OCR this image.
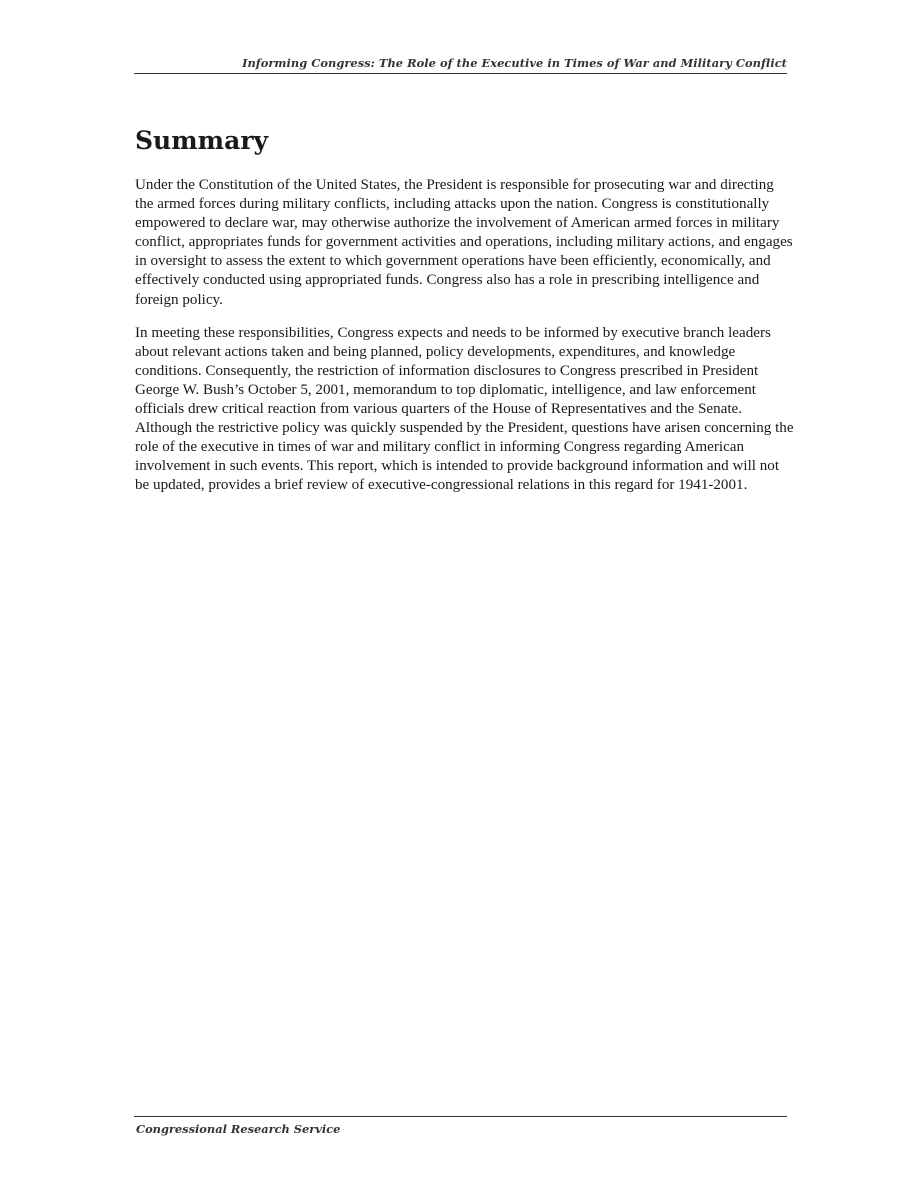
Informing Congress: The Role of the Executive in Times of War and Military Conflict
Summary

Under the Constitution of the United States, the President is responsible for prosecuting war and directing the armed forces during military conflicts, including attacks upon the nation. Congress is constitutionally empowered to declare war, may otherwise authorize the involvement of American armed forces in military conflict, appropriates funds for government activities and operations, including military actions, and engages in oversight to assess the extent to which government operations have been efficiently, economically, and effectively conducted using appropriated funds. Congress also has a role in prescribing intelligence and foreign policy.

In meeting these responsibilities, Congress expects and needs to be informed by executive branch leaders about relevant actions taken and being planned, policy developments, expenditures, and knowledge conditions. Consequently, the restriction of information disclosures to Congress prescribed in President George W. Bush’s October 5, 2001, memorandum to top diplomatic, intelligence, and law enforcement officials drew critical reaction from various quarters of the House of Representatives and the Senate. Although the restrictive policy was quickly suspended by the President, questions have arisen concerning the role of the executive in times of war and military conflict in informing Congress regarding American involvement in such events. This report, which is intended to provide background information and will not be updated, provides a brief review of executive-congressional relations in this regard for 1941-2001.

Congressional Research Service
